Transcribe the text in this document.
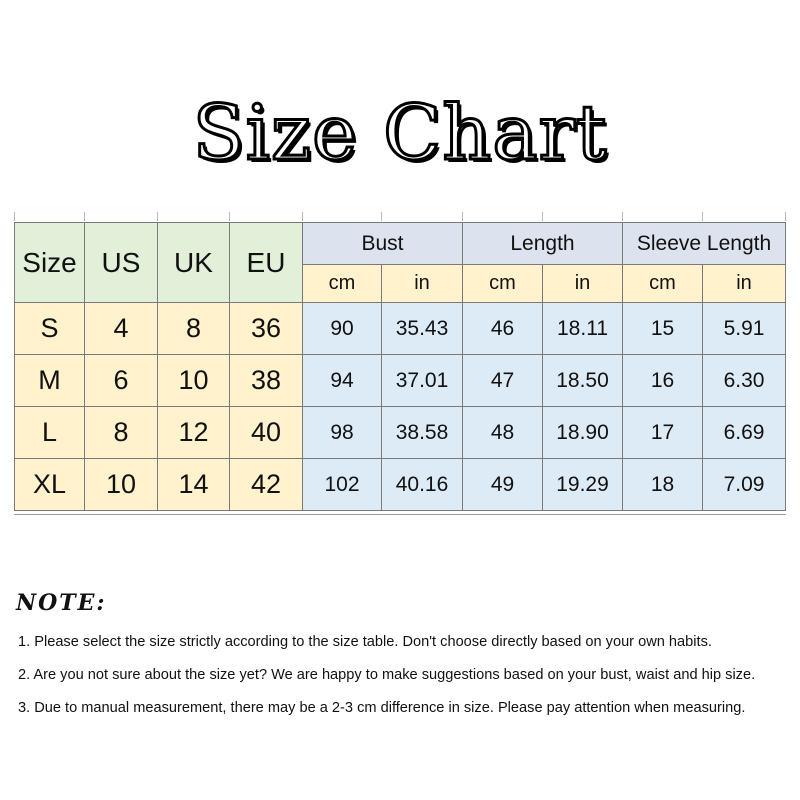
Size Chart
Size	US	UK	EU	Bust		Length		Sleeve Length	
				cm	in	cm	in	cm	in
S	4	8	36	90	35.43	46	18.11	15	5.91
M	6	10	38	94	37.01	47	18.50	16	6.30
L	8	12	40	98	38.58	48	18.90	17	6.69
XL	10	14	42	102	40.16	49	19.29	18	7.09
NOTE:
1. Please select the size strictly according to the size table. Don't choose directly based on your own habits.
2. Are you not sure about the size yet? We are happy to make suggestions based on your bust, waist and hip size.
3. Due to manual measurement, there may be a 2-3 cm difference in size. Please pay attention when measuring.
